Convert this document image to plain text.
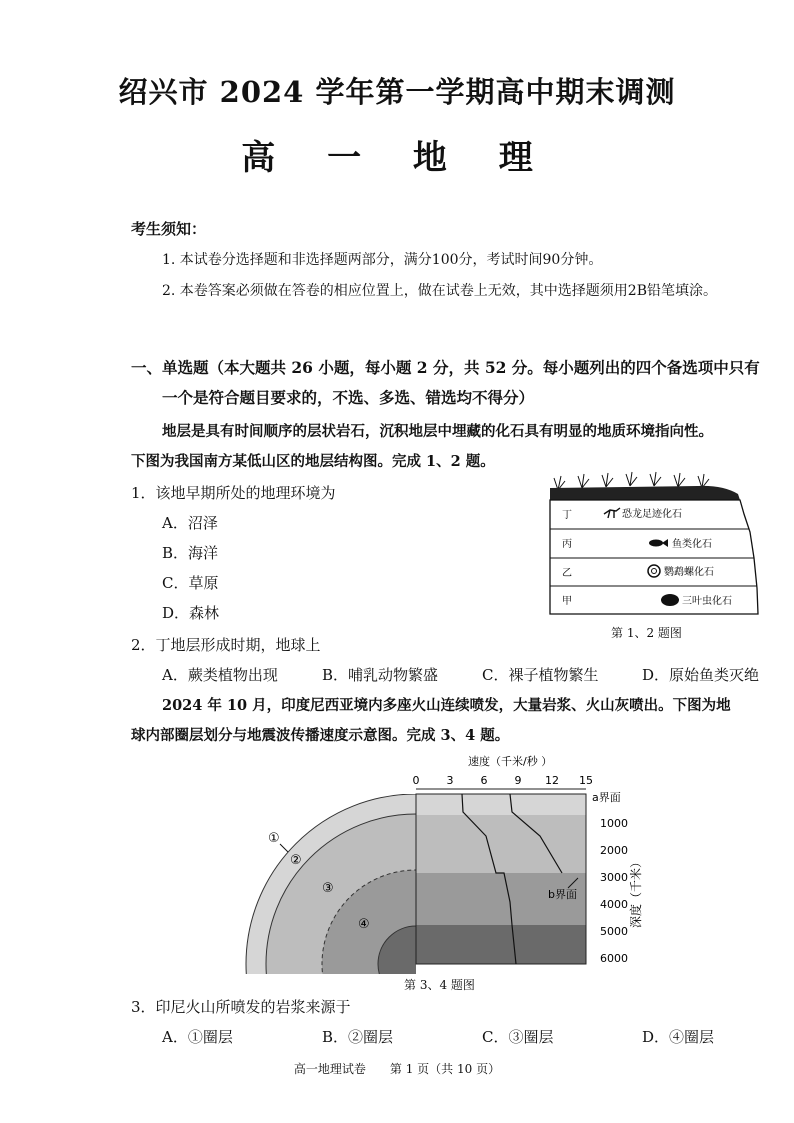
绍兴市 2024 学年第一学期高中期末调测
高 一 地 理
考生须知：
1. 本试卷分选择题和非选择题两部分，满分100分，考试时间90分钟。
2. 本卷答案必须做在答卷的相应位置上，做在试卷上无效，其中选择题须用2B铅笔填涂。
一、单选题（本大题共 26 小题，每小题 2 分，共 52 分。每小题列出的四个备选项中只有
一个是符合题目要求的，不选、多选、错选均不得分）
地层是具有时间顺序的层状岩石，沉积地层中埋藏的化石具有明显的地质环境指向性。
下图为我国南方某低山区的地层结构图。完成 1、2 题。
1．该地早期所处的地理环境为
A．沼泽
B．海洋
C．草原
D．森林
丁
丙
乙
甲
恐龙足迹化石
鱼类化石
鹦鹉螺化石
三叶虫化石
第 1、2 题图
2．丁地层形成时期，地球上
A．蕨类植物出现	B．哺乳动物繁盛	C．裸子植物繁生	D．原始鱼类灭绝
2024 年 10 月，印度尼西亚境内多座火山连续喷发，大量岩浆、火山灰喷出。下图为地
球内部圈层划分与地震波传播速度示意图。完成 3、4 题。
速度（千米/秒 ）
0 3 6 9 12 15
a界面
1000
2000
3000
4000
5000
6000
深度（千米）
b界面
①
②
③
④
第 3、4 题图
3．印尼火山所喷发的岩浆来源于
A．①圈层	B．②圈层	C．③圈层	D．④圈层
高一地理试卷　　第 1 页（共 10 页）
